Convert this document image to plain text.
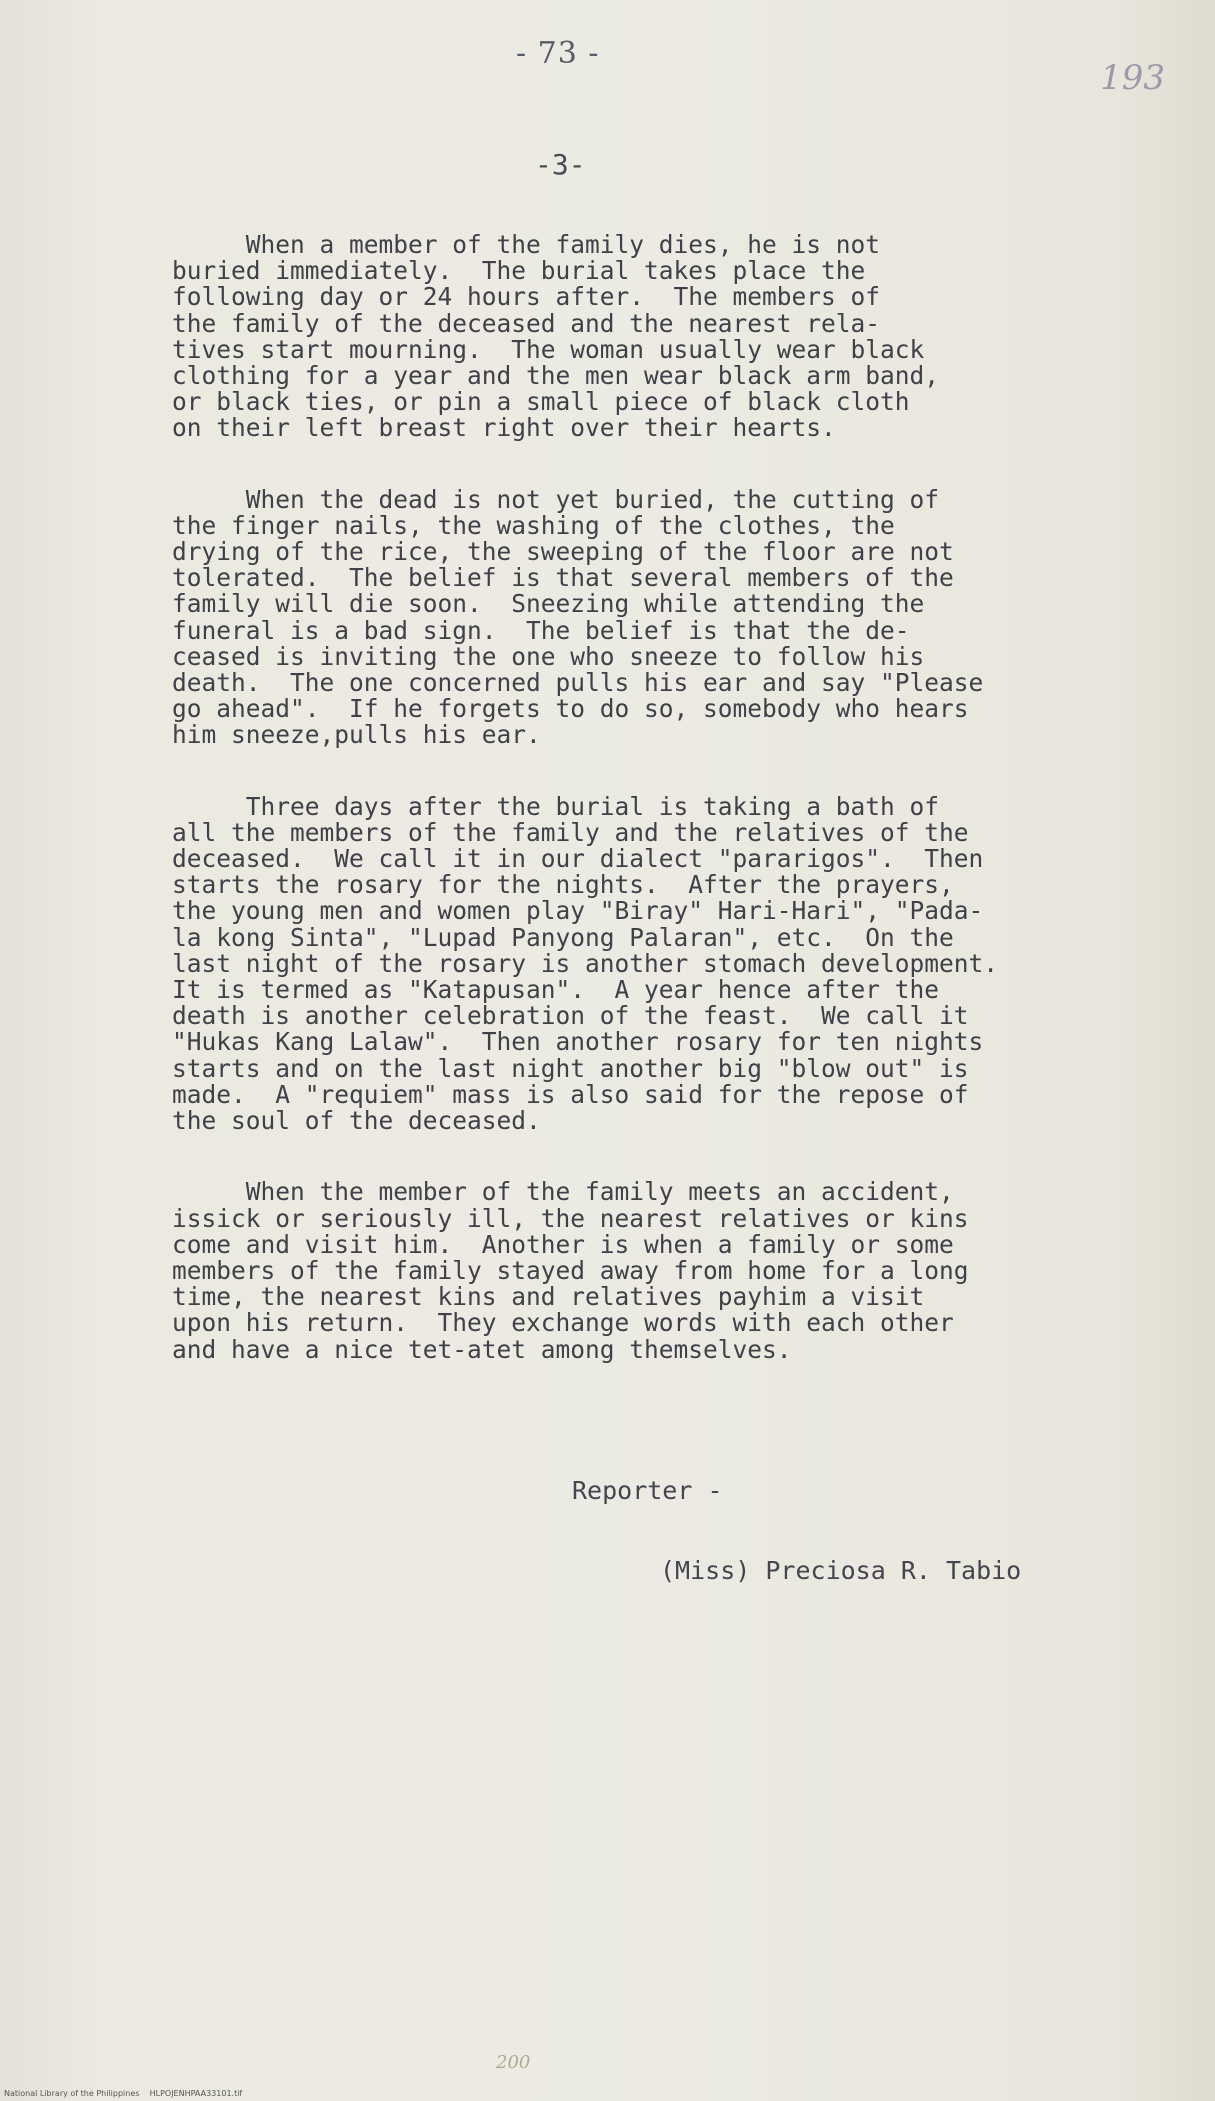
- 73 -
193
-3-
When a member of the family dies, he is not
buried immediately.  The burial takes place the
following day or 24 hours after.  The members of
the family of the deceased and the nearest rela-
tives start mourning.  The woman usually wear black
clothing for a year and the men wear black arm band,
or black ties, or pin a small piece of black cloth
on their left breast right over their hearts.
When the dead is not yet buried, the cutting of
the finger nails, the washing of the clothes, the
drying of the rice, the sweeping of the floor are not
tolerated.  The belief is that several members of the
family will die soon.  Sneezing while attending the
funeral is a bad sign.  The belief is that the de-
ceased is inviting the one who sneeze to follow his
death.  The one concerned pulls his ear and say "Please
go ahead".  If he forgets to do so, somebody who hears
him sneeze,pulls his ear.
Three days after the burial is taking a bath of
all the members of the family and the relatives of the
deceased.  We call it in our dialect "pararigos".  Then
starts the rosary for the nights.  After the prayers,
the young men and women play "Biray" Hari-Hari", "Pada-
la kong Sinta", "Lupad Panyong Palaran", etc.  On the
last night of the rosary is another stomach development.
It is termed as "Katapusan".  A year hence after the
death is another celebration of the feast.  We call it
"Hukas Kang Lalaw".  Then another rosary for ten nights
starts and on the last night another big "blow out" is
made.  A "requiem" mass is also said for the repose of
the soul of the deceased.
When the member of the family meets an accident,
issick or seriously ill, the nearest relatives or kins
come and visit him.  Another is when a family or some
members of the family stayed away from home for a long
time, the nearest kins and relatives payhim a visit
upon his return.  They exchange words with each other
and have a nice tet-atet among themselves.
Reporter -
(Miss) Preciosa R. Tabio
200
National Library of the Philippines    HLPOJENHPAA33101.tif
